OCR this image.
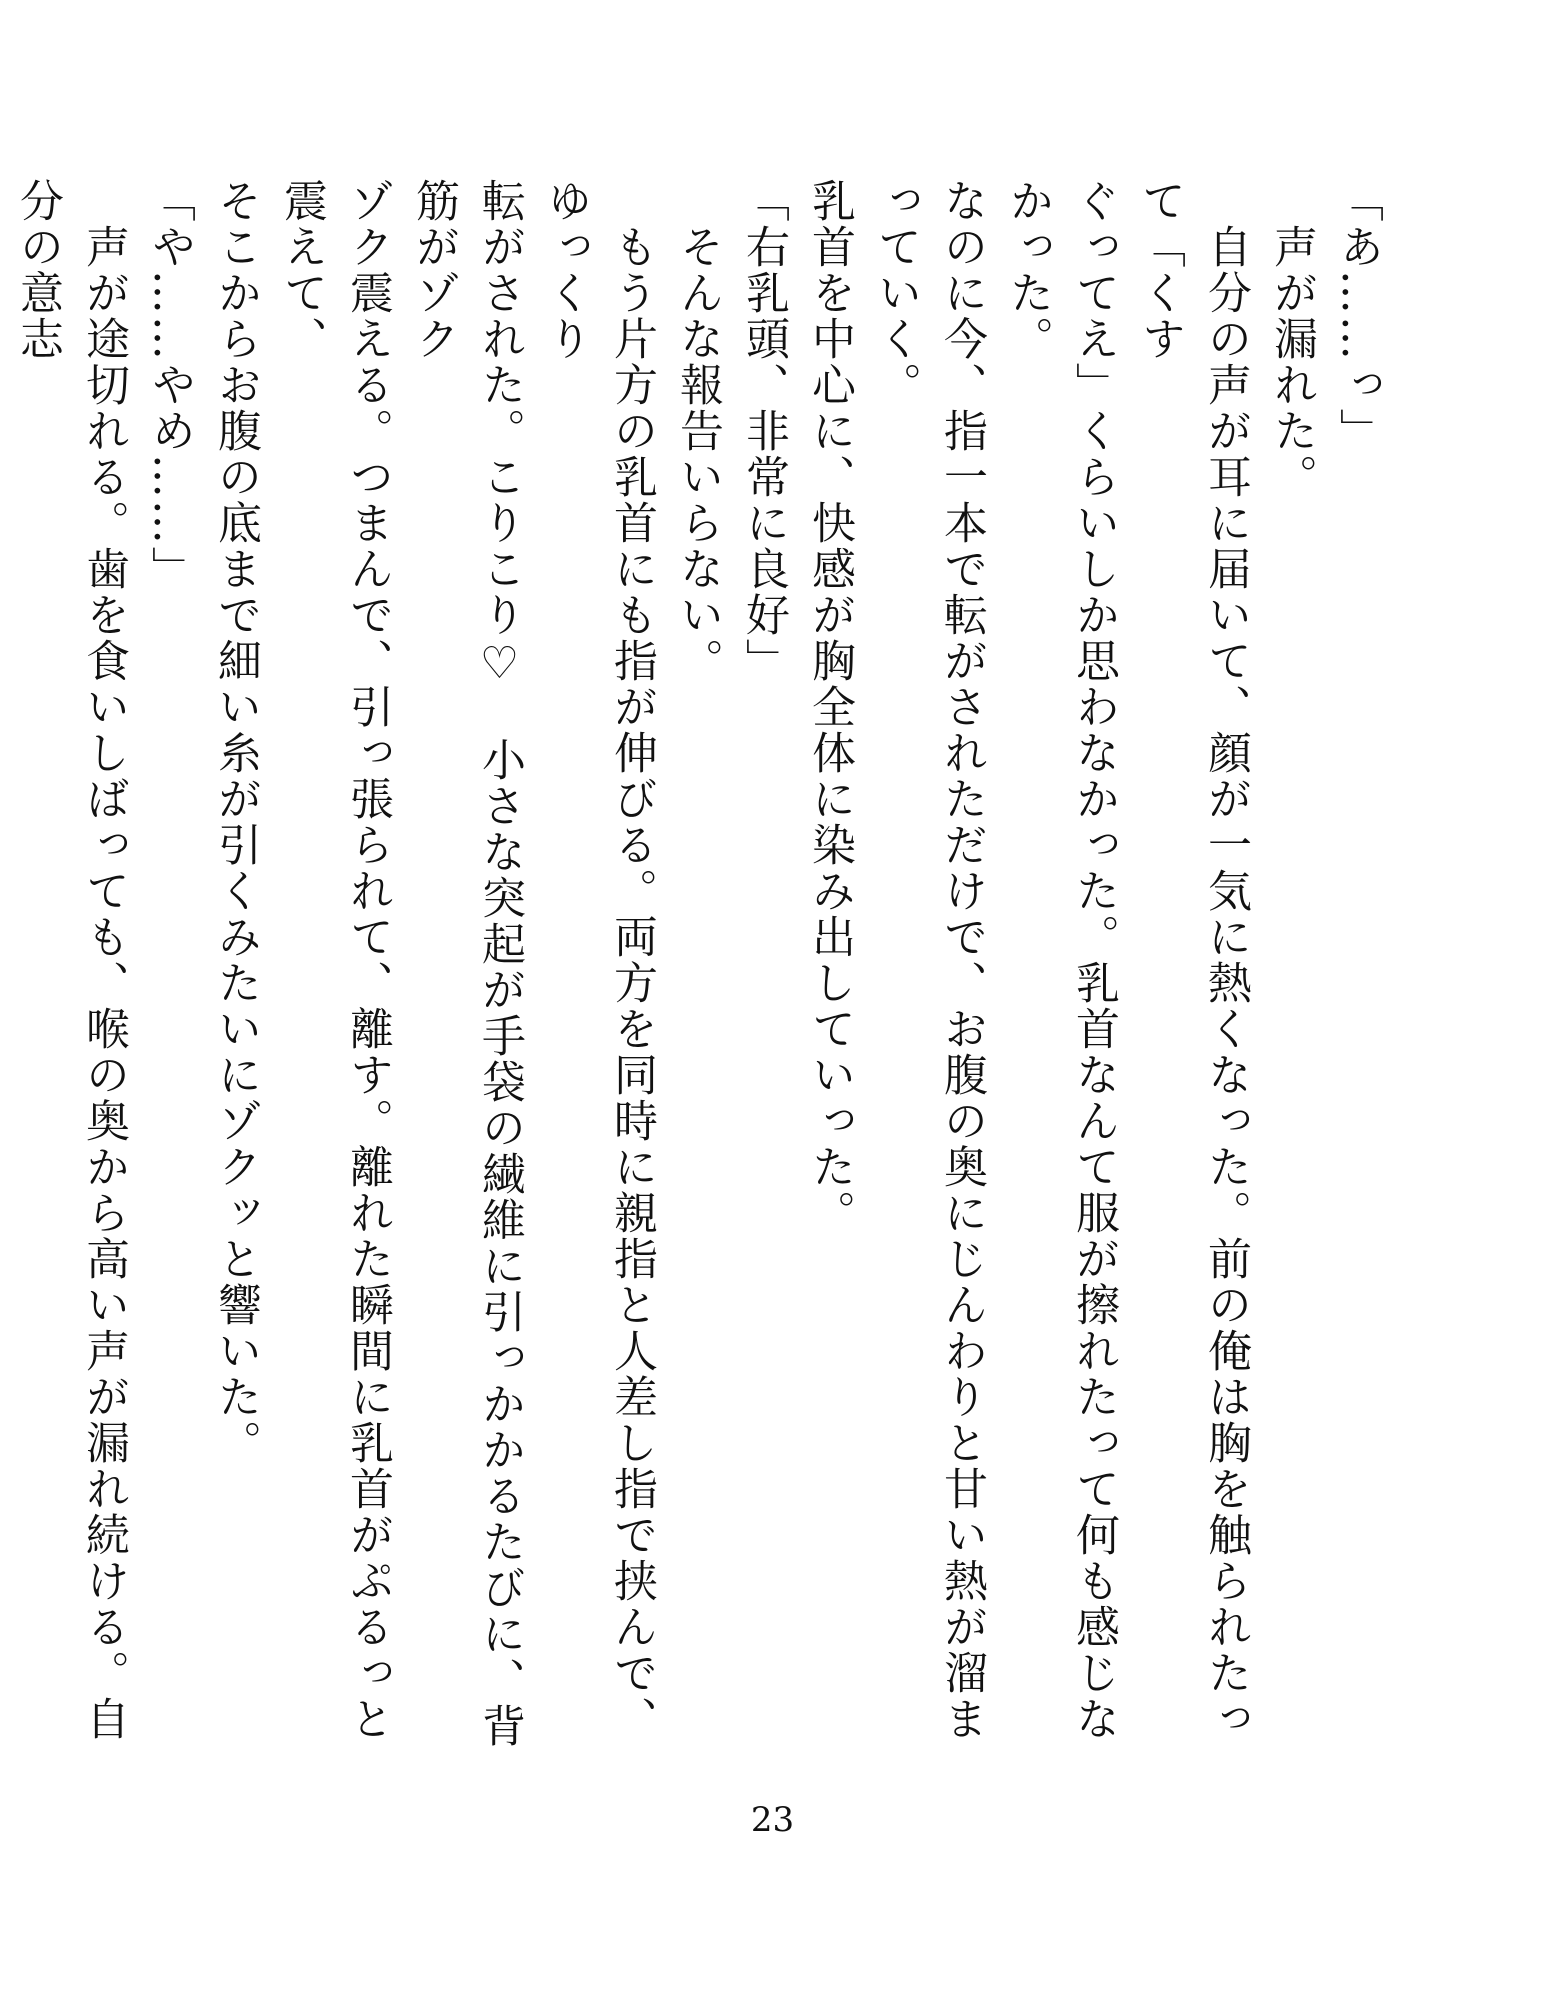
「あ……っ」

　声が漏れた。

　自分の声が耳に届いて、顔が一気に熱くなった。前の俺は胸を触られたって「くす

ぐってえ」くらいしか思わなかった。乳首なんて服が擦れたって何も感じなかった。

なのに今、指一本で転がされただけで、お腹の奥にじんわりと甘い熱が溜まっていく。

乳首を中心に、快感が胸全体に染み出していった。

「右乳頭、非常に良好」

　そんな報告いらない。

　もう片方の乳首にも指が伸びる。両方を同時に親指と人差し指で挟んで、ゆっくり

転がされた。こりこり♡　小さな突起が手袋の繊維に引っかかるたびに、背筋がゾク

ゾク震える。つまんで、引っ張られて、離す。離れた瞬間に乳首がぷるっと震えて、

そこからお腹の底まで細い糸が引くみたいにゾクッと響いた。

「や……やめ……」

　声が途切れる。歯を食いしばっても、喉の奥から高い声が漏れ続ける。自分の意志

23
